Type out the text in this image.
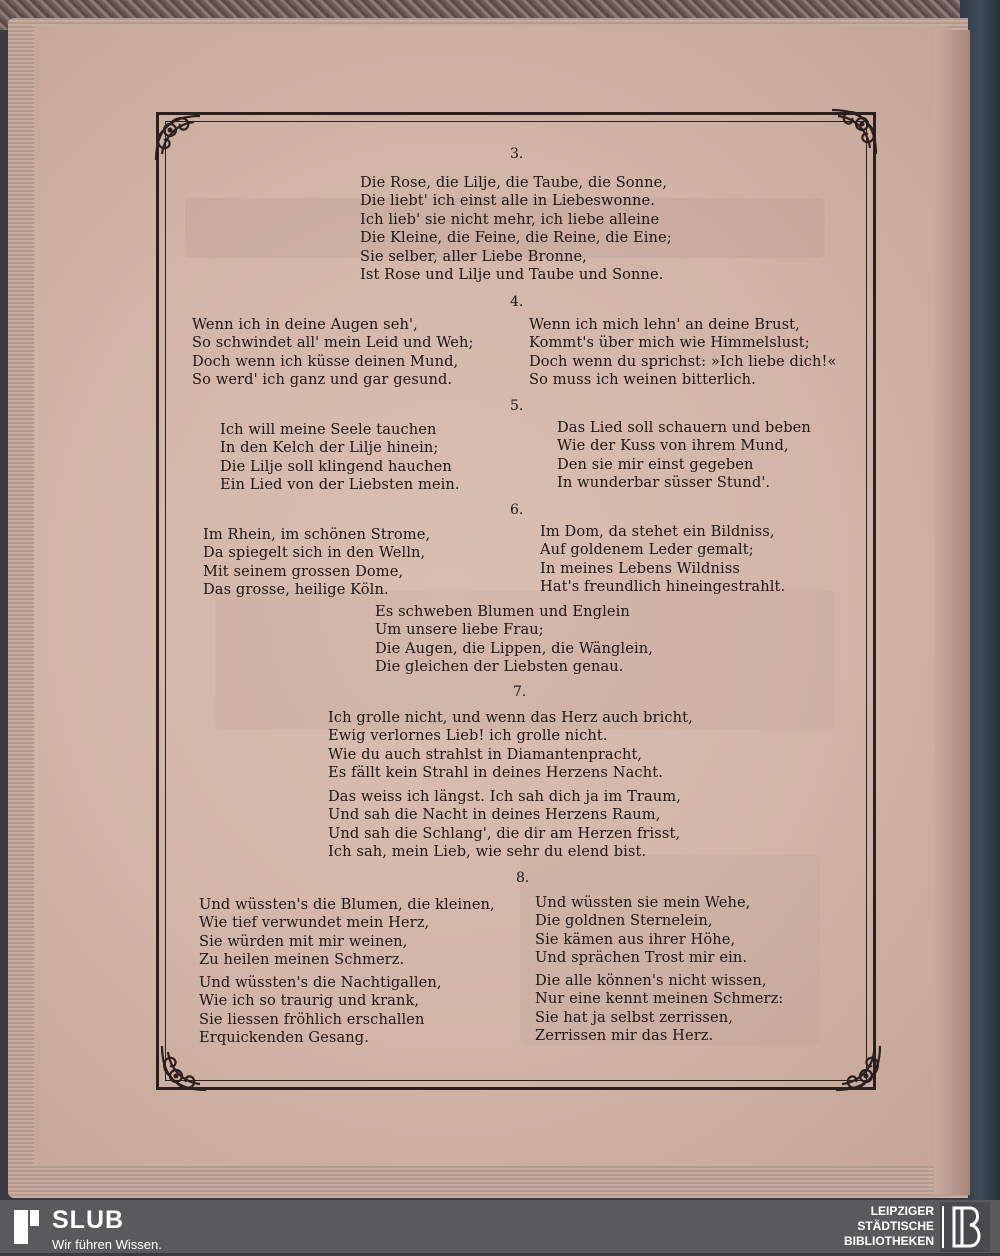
3.
Die Rose, die Lilje, die Taube, die Sonne,
Die liebt' ich einst alle in Liebeswonne.
Ich lieb' sie nicht mehr, ich liebe alleine
Die Kleine, die Feine, die Reine, die Eine;
Sie selber, aller Liebe Bronne,
Ist Rose und Lilje und Taube und Sonne.
4.
Wenn ich in deine Augen seh',
So schwindet all' mein Leid und Weh;
Doch wenn ich küsse deinen Mund,
So werd' ich ganz und gar gesund.
Wenn ich mich lehn' an deine Brust,
Kommt's über mich wie Himmelslust;
Doch wenn du sprichst: »Ich liebe dich!«
So muss ich weinen bitterlich.
5.
Ich will meine Seele tauchen
In den Kelch der Lilje hinein;
Die Lilje soll klingend hauchen
Ein Lied von der Liebsten mein.
Das Lied soll schauern und beben
Wie der Kuss von ihrem Mund,
Den sie mir einst gegeben
In wunderbar süsser Stund'.
6.
Im Rhein, im schönen Strome,
Da spiegelt sich in den Welln,
Mit seinem grossen Dome,
Das grosse, heilige Köln.
Im Dom, da stehet ein Bildniss,
Auf goldenem Leder gemalt;
In meines Lebens Wildniss
Hat's freundlich hineingestrahlt.
Es schweben Blumen und Englein
Um unsere liebe Frau;
Die Augen, die Lippen, die Wänglein,
Die gleichen der Liebsten genau.
7.
Ich grolle nicht, und wenn das Herz auch bricht,
Ewig verlornes Lieb! ich grolle nicht.
Wie du auch strahlst in Diamantenpracht,
Es fällt kein Strahl in deines Herzens Nacht.
Das weiss ich längst. Ich sah dich ja im Traum,
Und sah die Nacht in deines Herzens Raum,
Und sah die Schlang', die dir am Herzen frisst,
Ich sah, mein Lieb, wie sehr du elend bist.
8.
Und wüssten's die Blumen, die kleinen,
Wie tief verwundet mein Herz,
Sie würden mit mir weinen,
Zu heilen meinen Schmerz.
Und wüssten sie mein Wehe,
Die goldnen Sternelein,
Sie kämen aus ihrer Höhe,
Und sprächen Trost mir ein.
Und wüssten's die Nachtigallen,
Wie ich so traurig und krank,
Sie liessen fröhlich erschallen
Erquickenden Gesang.
Die alle können's nicht wissen,
Nur eine kennt meinen Schmerz:
Sie hat ja selbst zerrissen,
Zerrissen mir das Herz.
SLUB
Wir führen Wissen.
LEIPZIGER
STÄDTISCHE
BIBLIOTHEKEN
